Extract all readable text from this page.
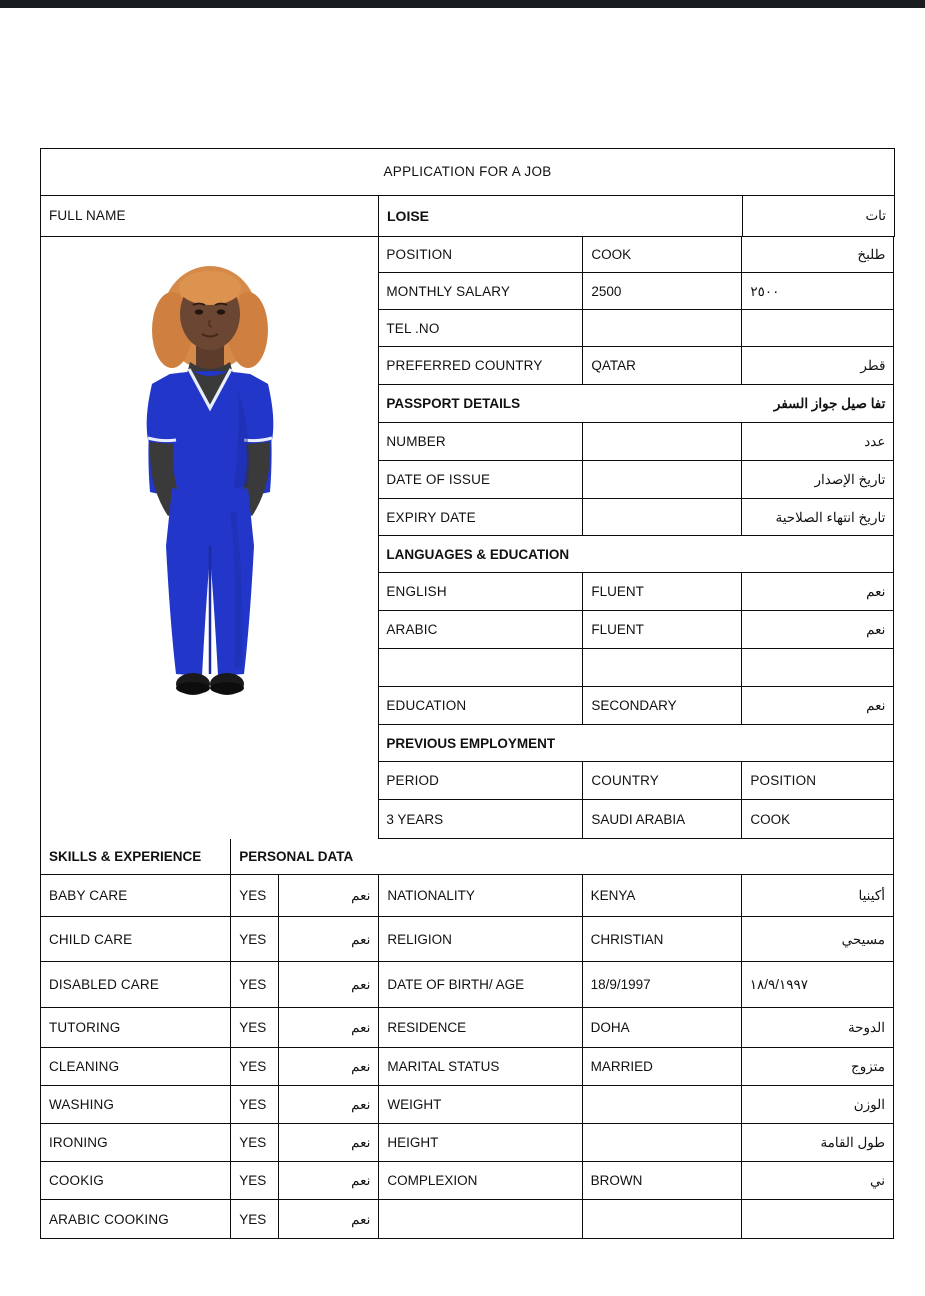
APPLICATION FOR A JOB
FULL NAME	LOISE	تات

POSITION	COOK	طلبخ
MONTHLY SALARY	2500	٢٥٠٠
TEL .NO		
PREFERRED COUNTRY	QATAR	قطر
PASSPORT DETAILS	تفا صيل جواز السفر
NUMBER		عدد
DATE OF ISSUE		تاريخ الإصدار
EXPIRY DATE		تاريخ انتهاء الصلاحية
LANGUAGES & EDUCATION
ENGLISH	FLUENT	نعم
ARABIC	FLUENT	نعم

EDUCATION	SECONDARY	نعم
PREVIOUS EMPLOYMENT
PERIOD	COUNTRY	POSITION
3 YEARS	SAUDI ARABIA	COOK
SKILLS & EXPERIENCE	PERSONAL DATA				
BABY CARE	YES	نعم	NATIONALITY	KENYA	أكينيا
CHILD CARE	YES	نعم	RELIGION	CHRISTIAN	مسيحي
DISABLED CARE	YES	نعم	DATE OF BIRTH/ AGE	18/9/1997	١٨/٩/١٩٩٧
TUTORING	YES	نعم	RESIDENCE	DOHA	الدوحة
CLEANING	YES	نعم	MARITAL STATUS	MARRIED	متزوج
WASHING	YES	نعم	WEIGHT		الوزن
IRONING	YES	نعم	HEIGHT		طول القامة
COOKIG	YES	نعم	COMPLEXION	BROWN	ني
ARABIC COOKING	YES	نعم			
